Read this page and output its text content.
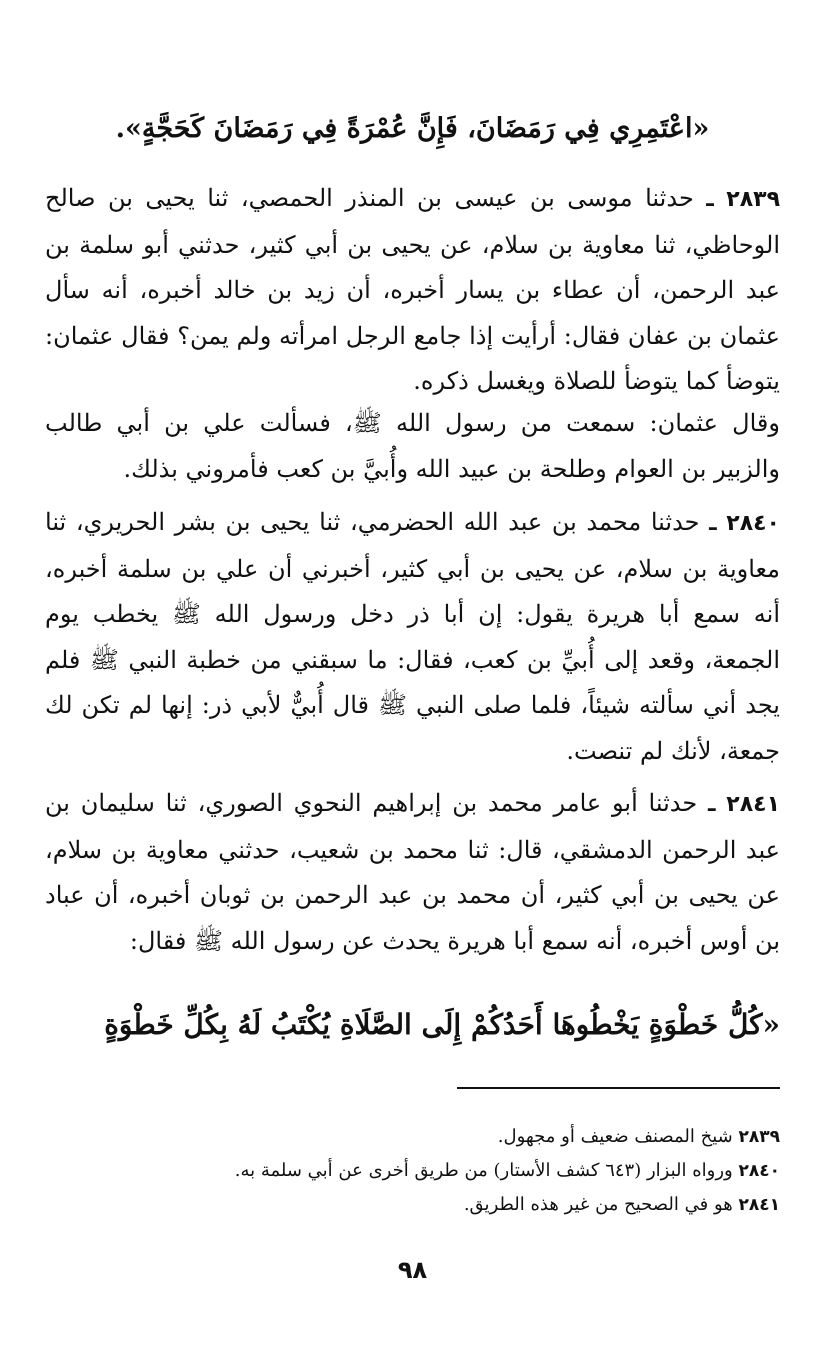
«اعْتَمِرِي فِي رَمَضَانَ، فَإِنَّ عُمْرَةً فِي رَمَضَانَ كَحَجَّةٍ».
٢٨٣٩ ـ حدثنا موسى بن عيسى بن المنذر الحمصي، ثنا يحيى بن صالح الوحاظي، ثنا معاوية بن سلام، عن يحيى بن أبي كثير، حدثني أبو سلمة بن عبد الرحمن، أن عطاء بن يسار أخبره، أن زيد بن خالد أخبره، أنه سأل عثمان بن عفان فقال: أرأيت إذا جامع الرجل امرأته ولم يمن؟ فقال عثمان: يتوضأ كما يتوضأ للصلاة ويغسل ذكره.
وقال عثمان: سمعت من رسول الله ﷺ، فسألت علي بن أبي طالب والزبير بن العوام وطلحة بن عبيد الله وأُبيَّ بن كعب فأمروني بذلك.
٢٨٤٠ ـ حدثنا محمد بن عبد الله الحضرمي، ثنا يحيى بن بشر الحريري، ثنا معاوية بن سلام، عن يحيى بن أبي كثير، أخبرني أن علي بن سلمة أخبره، أنه سمع أبا هريرة يقول: إن أبا ذر دخل ورسول الله ﷺ يخطب يوم الجمعة، وقعد إلى أُبيِّ بن كعب، فقال: ما سبقني من خطبة النبي ﷺ فلم يجد أني سألته شيئاً، فلما صلى النبي ﷺ قال أُبيٌّ لأبي ذر: إنها لم تكن لك جمعة، لأنك لم تنصت.
٢٨٤١ ـ حدثنا أبو عامر محمد بن إبراهيم النحوي الصوري، ثنا سليمان بن عبد الرحمن الدمشقي، قال: ثنا محمد بن شعيب، حدثني معاوية بن سلام، عن يحيى بن أبي كثير، أن محمد بن عبد الرحمن بن ثوبان أخبره، أن عباد بن أوس أخبره، أنه سمع أبا هريرة يحدث عن رسول الله ﷺ فقال:
«كُلُّ خَطْوَةٍ يَخْطُوهَا أَحَدُكُمْ إِلَى الصَّلَاةِ يُكْتَبُ لَهُ بِكُلِّ خَطْوَةٍ
٢٨٣٩ شيخ المصنف ضعيف أو مجهول.
٢٨٤٠ ورواه البزار (٦٤٣ كشف الأستار) من طريق أخرى عن أبي سلمة به.
٢٨٤١ هو في الصحيح من غير هذه الطريق.
٩٨
